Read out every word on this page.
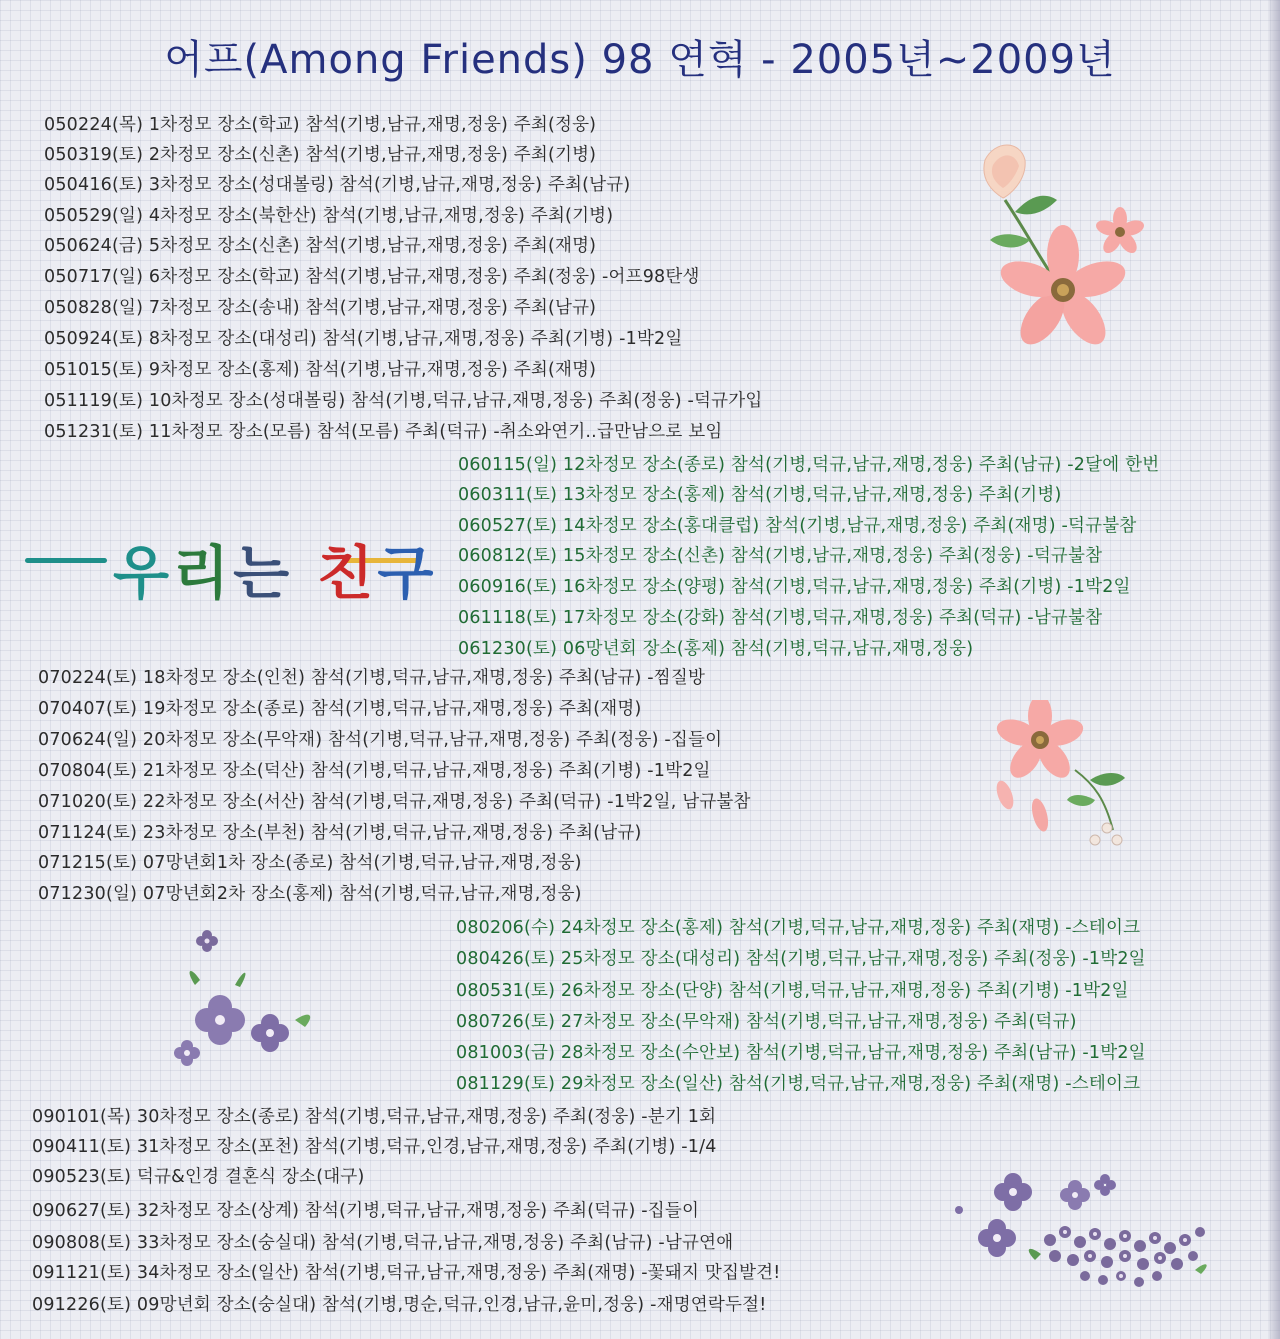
어프(Among Friends) 98 연혁 - 2005년~2009년
050224(목) 1차정모 장소(학교) 참석(기병,남규,재명,정웅) 주최(정웅)
050319(토) 2차정모 장소(신촌) 참석(기병,남규,재명,정웅) 주최(기병)
050416(토) 3차정모 장소(성대볼링) 참석(기병,남규,재명,정웅) 주최(남규)
050529(일) 4차정모 장소(북한산) 참석(기병,남규,재명,정웅) 주최(기병)
050624(금) 5차정모 장소(신촌) 참석(기병,남규,재명,정웅) 주최(재명)
050717(일) 6차정모 장소(학교) 참석(기병,남규,재명,정웅) 주최(정웅) -어프98탄생
050828(일) 7차정모 장소(송내) 참석(기병,남규,재명,정웅) 주최(남규)
050924(토) 8차정모 장소(대성리) 참석(기병,남규,재명,정웅) 주최(기병) -1박2일
051015(토) 9차정모 장소(홍제) 참석(기병,남규,재명,정웅) 주최(재명)
051119(토) 10차정모 장소(성대볼링) 참석(기병,덕규,남규,재명,정웅) 주최(정웅) -덕규가입
051231(토) 11차정모 장소(모름) 참석(모름) 주최(덕규) -취소와연기..급만남으로 보임
060115(일) 12차정모 장소(종로) 참석(기병,덕규,남규,재명,정웅) 주최(남규) -2달에 한번
060311(토) 13차정모 장소(홍제) 참석(기병,덕규,남규,재명,정웅) 주최(기병)
060527(토) 14차정모 장소(홍대클럽) 참석(기병,남규,재명,정웅) 주최(재명) -덕규불참
060812(토) 15차정모 장소(신촌) 참석(기병,남규,재명,정웅) 주최(정웅) -덕규불참
060916(토) 16차정모 장소(양평) 참석(기병,덕규,남규,재명,정웅) 주최(기병) -1박2일
061118(토) 17차정모 장소(강화) 참석(기병,덕규,재명,정웅) 주최(덕규) -남규불참
061230(토) 06망년회 장소(홍제) 참석(기병,덕규,남규,재명,정웅)
우리는 친구
070224(토) 18차정모 장소(인천) 참석(기병,덕규,남규,재명,정웅) 주최(남규) -찜질방
070407(토) 19차정모 장소(종로) 참석(기병,덕규,남규,재명,정웅) 주최(재명)
070624(일) 20차정모 장소(무악재) 참석(기병,덕규,남규,재명,정웅) 주최(정웅) -집들이
070804(토) 21차정모 장소(덕산) 참석(기병,덕규,남규,재명,정웅) 주최(기병) -1박2일
071020(토) 22차정모 장소(서산) 참석(기병,덕규,재명,정웅) 주최(덕규) -1박2일, 남규불참
071124(토) 23차정모 장소(부천) 참석(기병,덕규,남규,재명,정웅) 주최(남규)
071215(토) 07망년회1차 장소(종로) 참석(기병,덕규,남규,재명,정웅)
071230(일) 07망년회2차 장소(홍제) 참석(기병,덕규,남규,재명,정웅)
080206(수) 24차정모 장소(홍제) 참석(기병,덕규,남규,재명,정웅) 주최(재명) -스테이크
080426(토) 25차정모 장소(대성리) 참석(기병,덕규,남규,재명,정웅) 주최(정웅) -1박2일
080531(토) 26차정모 장소(단양) 참석(기병,덕규,남규,재명,정웅) 주최(기병) -1박2일
080726(토) 27차정모 장소(무악재) 참석(기병,덕규,남규,재명,정웅) 주최(덕규)
081003(금) 28차정모 장소(수안보) 참석(기병,덕규,남규,재명,정웅) 주최(남규) -1박2일
081129(토) 29차정모 장소(일산) 참석(기병,덕규,남규,재명,정웅) 주최(재명) -스테이크
090101(목) 30차정모 장소(종로) 참석(기병,덕규,남규,재명,정웅) 주최(정웅) -분기 1회
090411(토) 31차정모 장소(포천) 참석(기병,덕규,인경,남규,재명,정웅) 주최(기병) -1/4
090523(토) 덕규&인경 결혼식 장소(대구)
090627(토) 32차정모 장소(상계) 참석(기병,덕규,남규,재명,정웅) 주최(덕규) -집들이
090808(토) 33차정모 장소(숭실대) 참석(기병,덕규,남규,재명,정웅) 주최(남규) -남규연애
091121(토) 34차정모 장소(일산) 참석(기병,덕규,남규,재명,정웅) 주최(재명) -꽃돼지 맛집발견!
091226(토) 09망년회 장소(숭실대) 참석(기병,명순,덕규,인경,남규,윤미,정웅) -재명연락두절!
